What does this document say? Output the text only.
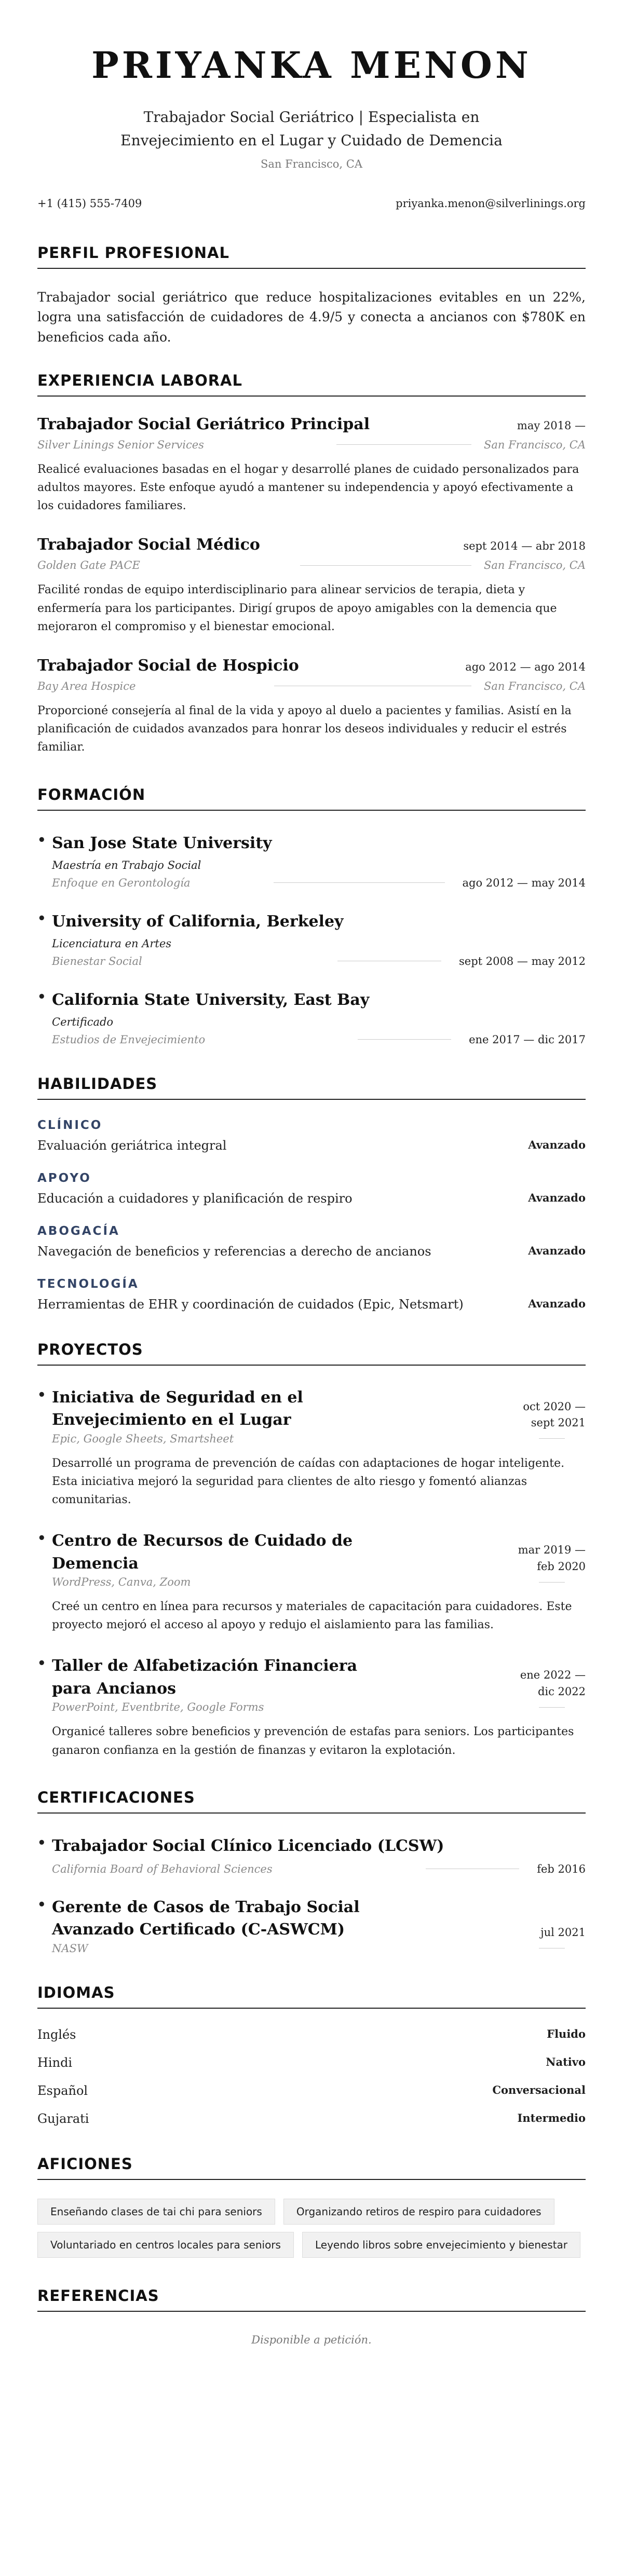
PRIYANKA MENON
Trabajador Social Geriátrico | Especialista en Envejecimiento en el Lugar y Cuidado de Demencia
San Francisco, CA
+1 (415) 555-7409	priyanka.menon@silverlinings.org
PERFIL PROFESIONAL

Trabajador social geriátrico que reduce hospitalizaciones evitables en un 22%, logra una satisfacción de cuidadores de 4.9/5 y conecta a ancianos con $780K en beneficios cada año.

EXPERIENCIA LABORAL
Trabajador Social Geriátrico Principal	may 2018 —
Silver Linings Senior Services	San Francisco, CA
Realicé evaluaciones basadas en el hogar y desarrollé planes de cuidado personalizados para adultos mayores. Este enfoque ayudó a mantener su independencia y apoyó efectivamente a los cuidadores familiares.
Trabajador Social Médico	sept 2014 — abr 2018
Golden Gate PACE	San Francisco, CA
Facilité rondas de equipo interdisciplinario para alinear servicios de terapia, dieta y enfermería para los participantes. Dirigí grupos de apoyo amigables con la demencia que mejoraron el compromiso y el bienestar emocional.
Trabajador Social de Hospicio	ago 2012 — ago 2014
Bay Area Hospice	San Francisco, CA
Proporcioné consejería al final de la vida y apoyo al duelo a pacientes y familias. Asistí en la planificación de cuidados avanzados para honrar los deseos individuales y reducir el estrés familiar.
FORMACIÓN
• San Jose State University
Maestría en Trabajo Social
Enfoque en Gerontología	ago 2012 — may 2014
• University of California, Berkeley
Licenciatura en Artes
Bienestar Social	sept 2008 — may 2012
• California State University, East Bay
Certificado
Estudios de Envejecimiento	ene 2017 — dic 2017
HABILIDADES
CLÍNICO
Evaluación geriátrica integral	Avanzado
APOYO
Educación a cuidadores y planificación de respiro	Avanzado
ABOGACÍA
Navegación de beneficios y referencias a derecho de ancianos	Avanzado
TECNOLOGÍA
Herramientas de EHR y coordinación de cuidados (Epic, Netsmart)	Avanzado
PROYECTOS
• Iniciativa de Seguridad en el Envejecimiento en el Lugar
oct 2020 — sept 2021
Epic, Google Sheets, Smartsheet
Desarrollé un programa de prevención de caídas con adaptaciones de hogar inteligente. Esta iniciativa mejoró la seguridad para clientes de alto riesgo y fomentó alianzas comunitarias.
• Centro de Recursos de Cuidado de Demencia
mar 2019 — feb 2020
WordPress, Canva, Zoom
Creé un centro en línea para recursos y materiales de capacitación para cuidadores. Este proyecto mejoró el acceso al apoyo y redujo el aislamiento para las familias.
• Taller de Alfabetización Financiera para Ancianos
ene 2022 — dic 2022
PowerPoint, Eventbrite, Google Forms
Organicé talleres sobre beneficios y prevención de estafas para seniors. Los participantes ganaron confianza en la gestión de finanzas y evitaron la explotación.
CERTIFICACIONES
• Trabajador Social Clínico Licenciado (LCSW)
California Board of Behavioral Sciences	feb 2016
• Gerente de Casos de Trabajo Social Avanzado Certificado (C-ASWCM)	jul 2021
NASW
IDIOMAS
Inglés	Fluido
Hindi	Nativo
Español	Conversacional
Gujarati	Intermedio
AFICIONES
Enseñando clases de tai chi para seniors	Organizando retiros de respiro para cuidadores
Voluntariado en centros locales para seniors	Leyendo libros sobre envejecimiento y bienestar
REFERENCIAS
Disponible a petición.
